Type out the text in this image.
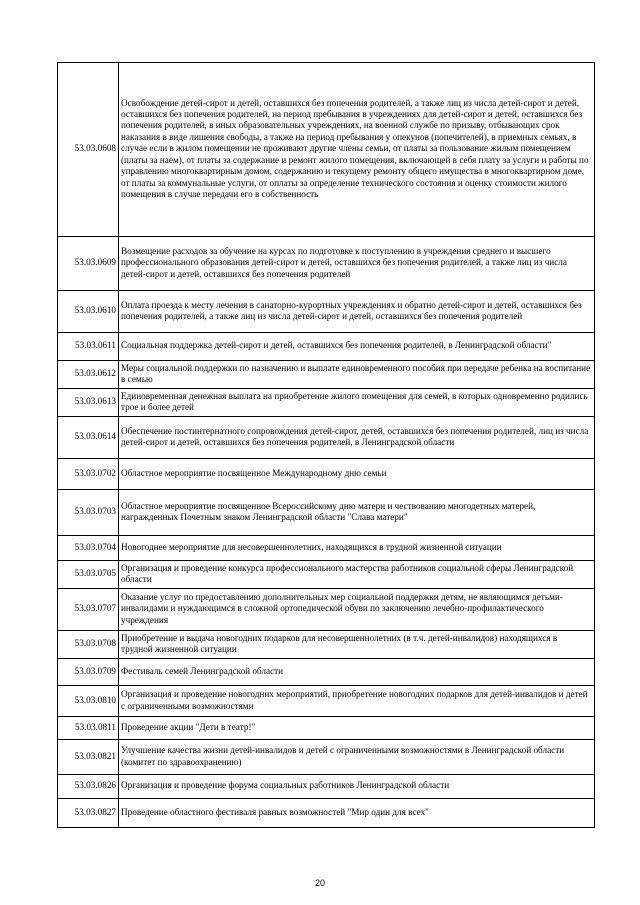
53.03.0608	Освобождение детей-сирот и детей, оставшихся без попечения родителей, а также лиц из числа детей-сирот и детей, оставшихся без попечения родителей, на период пребывания в учреждениях для детей-сирот и детей, оставшихся без попечения родителей, в иных образовательных учреждениях, на военной службе по призыву, отбывающих срок наказания в виде лишения свободы, а также на период пребывания у опекунов (попечителей), в приемных семьях, в случае если в жилом помещении не проживают другие члены семьи, от платы за пользование жилым помещением (платы за наем), от платы за содержание и ремонт жилого помещения, включающей в себя плату за услуги и работы по управлению многоквартирным домом, содержанию и текущему ремонту общего имущества в многоквартирном доме, от платы за коммунальные услуги, от оплаты за определение технического состояния и оценку стоимости жилого помещения в случае передачи его в собственность
53.03.0609	Возмещение расходов за обучение на курсах по подготовке к поступлению в учреждения среднего и высшего профессионального образования детей-сирот и детей, оставшихся без попечения родителей, а также лиц из числа детей-сирот и детей, оставшихся без попечения родителей
53.03.0610	Оплата проезда к месту лечения в санаторно-курортных учреждениях и обратно детей-сирот и детей, оставшихся без попечения родителей, а также лиц из числа детей-сирот и детей, оставшихся без попечения родителей
53.03.0611	Социальная поддержка детей-сирот и детей, оставшихся без попечения родителей, в Ленинградской области"
53.03.0612	Меры социальной поддержки по назначению и выплате единовременного пособия при передаче ребенка на воспитание в семью
53.03.0613	Единовременная денежная выплата на приобретение жилого помещения для семей, в которых одновременно родились трое и более детей
53.03.0614	Обеспечение постинтернатного сопровождения детей-сирот, детей, оставшихся без попечения родителей, лиц из числа детей-сирот и детей, оставшихся без попечения родителей, в Ленинградской области
53.03.0702	Областное мероприятие посвященное Международному дню семьи
53.03.0703	Областное мероприятие посвященное Всероссийскому дню матери и чествованию многодетных матерей, награжденных Почетным знаком Ленинградской области "Слава матери"
53.03.0704	Новогоднее мероприятие для несовершеннолетних, находящихся в трудной жизненной ситуации
53.03.0705	Организация и проведение конкурса профессионального мастерства работников социальной сферы Ленинградской области
53.03.0707	Оказание услуг по предоставлению дополнительных мер социальной поддержки детям, не являющимся детьми-инвалидами и нуждающимся в сложной ортопедической обуви по заключению лечебно-профилактического учреждения
53.03.0708	Приобретение и выдача новогодних подарков для несовершеннолетних (в т.ч. детей-инвалидов) находящихся в трудной жизненной ситуации
53.03.0709	Фестиваль семей Ленинградской области
53.03.0810	Организация и проведение новогодних мероприятий, приобретение новогодних подарков для детей-инвалидов и детей с ограниченными возможностями
53.03.0811	Проведение акции "Дети в театр!"
53.03.0821	Улучшение качества жизни детей-инвалидов и детей с ограниченными возможностями в Ленинградской области (комитет по здравоохранению)
53.03.0826	Организация и проведение форума социальных работников Ленинградской области
53.03.0827	Проведение областного фестиваля равных возможностей "Мир один для всех"
20
